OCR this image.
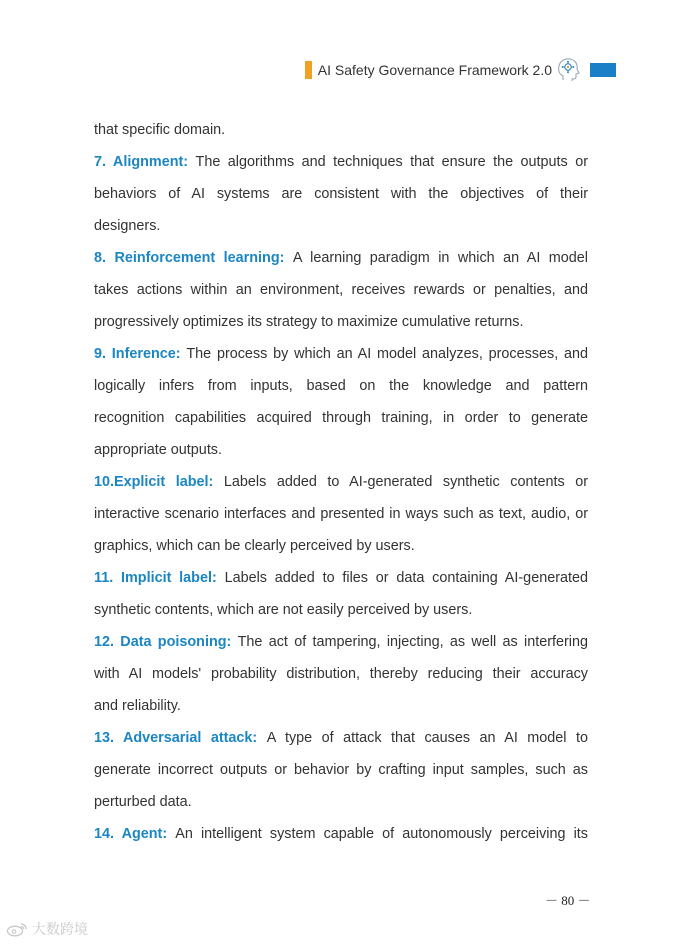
AI Safety Governance Framework 2.0
that specific domain.
7. Alignment: The algorithms and techniques that ensure the outputs or
behaviors of AI systems are consistent with the objectives of their
designers.
8. Reinforcement learning: A learning paradigm in which an AI model
takes actions within an environment, receives rewards or penalties, and
progressively optimizes its strategy to maximize cumulative returns.
9. Inference: The process by which an AI model analyzes, processes, and
logically infers from inputs, based on the knowledge and pattern
recognition capabilities acquired through training, in order to generate
appropriate outputs.
10.Explicit label: Labels added to AI-generated synthetic contents or
interactive scenario interfaces and presented in ways such as text, audio, or
graphics, which can be clearly perceived by users.
11. Implicit label: Labels added to files or data containing AI-generated
synthetic contents, which are not easily perceived by users.
12. Data poisoning: The act of tampering, injecting, as well as interfering
with AI models' probability distribution, thereby reducing their accuracy
and reliability.
13. Adversarial attack: A type of attack that causes an AI model to
generate incorrect outputs or behavior by crafting input samples, such as
perturbed data.
14. Agent: An intelligent system capable of autonomously perceiving its
－ 80 －
大数跨境
